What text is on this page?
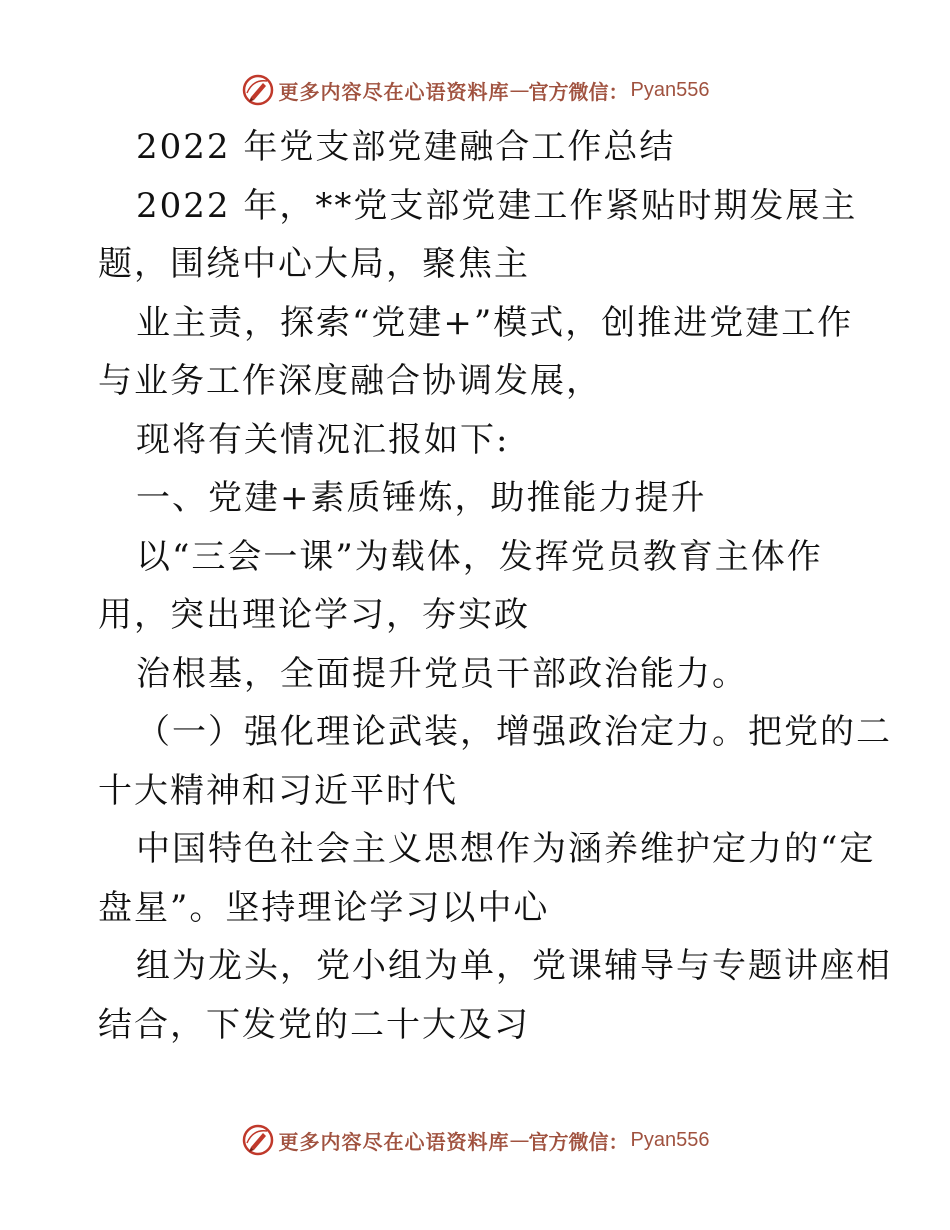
更多内容尽在心语资料库 — 官方微信： Pyan556
2022 年党支部党建融合工作总结
2022 年，**党支部党建工作紧贴时期发展主
题，围绕中心大局，聚焦主
业主责，探索“党建+”模式，创推进党建工作
与业务工作深度融合协调发展，
现将有关情况汇报如下:
一、党建+素质锤炼，助推能力提升
以“三会一课”为载体，发挥党员教育主体作
用，突出理论学习，夯实政
治根基，全面提升党员干部政治能力。
（一）强化理论武装，增强政治定力。把党的二
十大精神和习近平时代
中国特色社会主义思想作为涵养维护定力的“定
盘星”。坚持理论学习以中心
组为龙头，党小组为单，党课辅导与专题讲座相
结合，下发党的二十大及习
更多内容尽在心语资料库 — 官方微信： Pyan556
